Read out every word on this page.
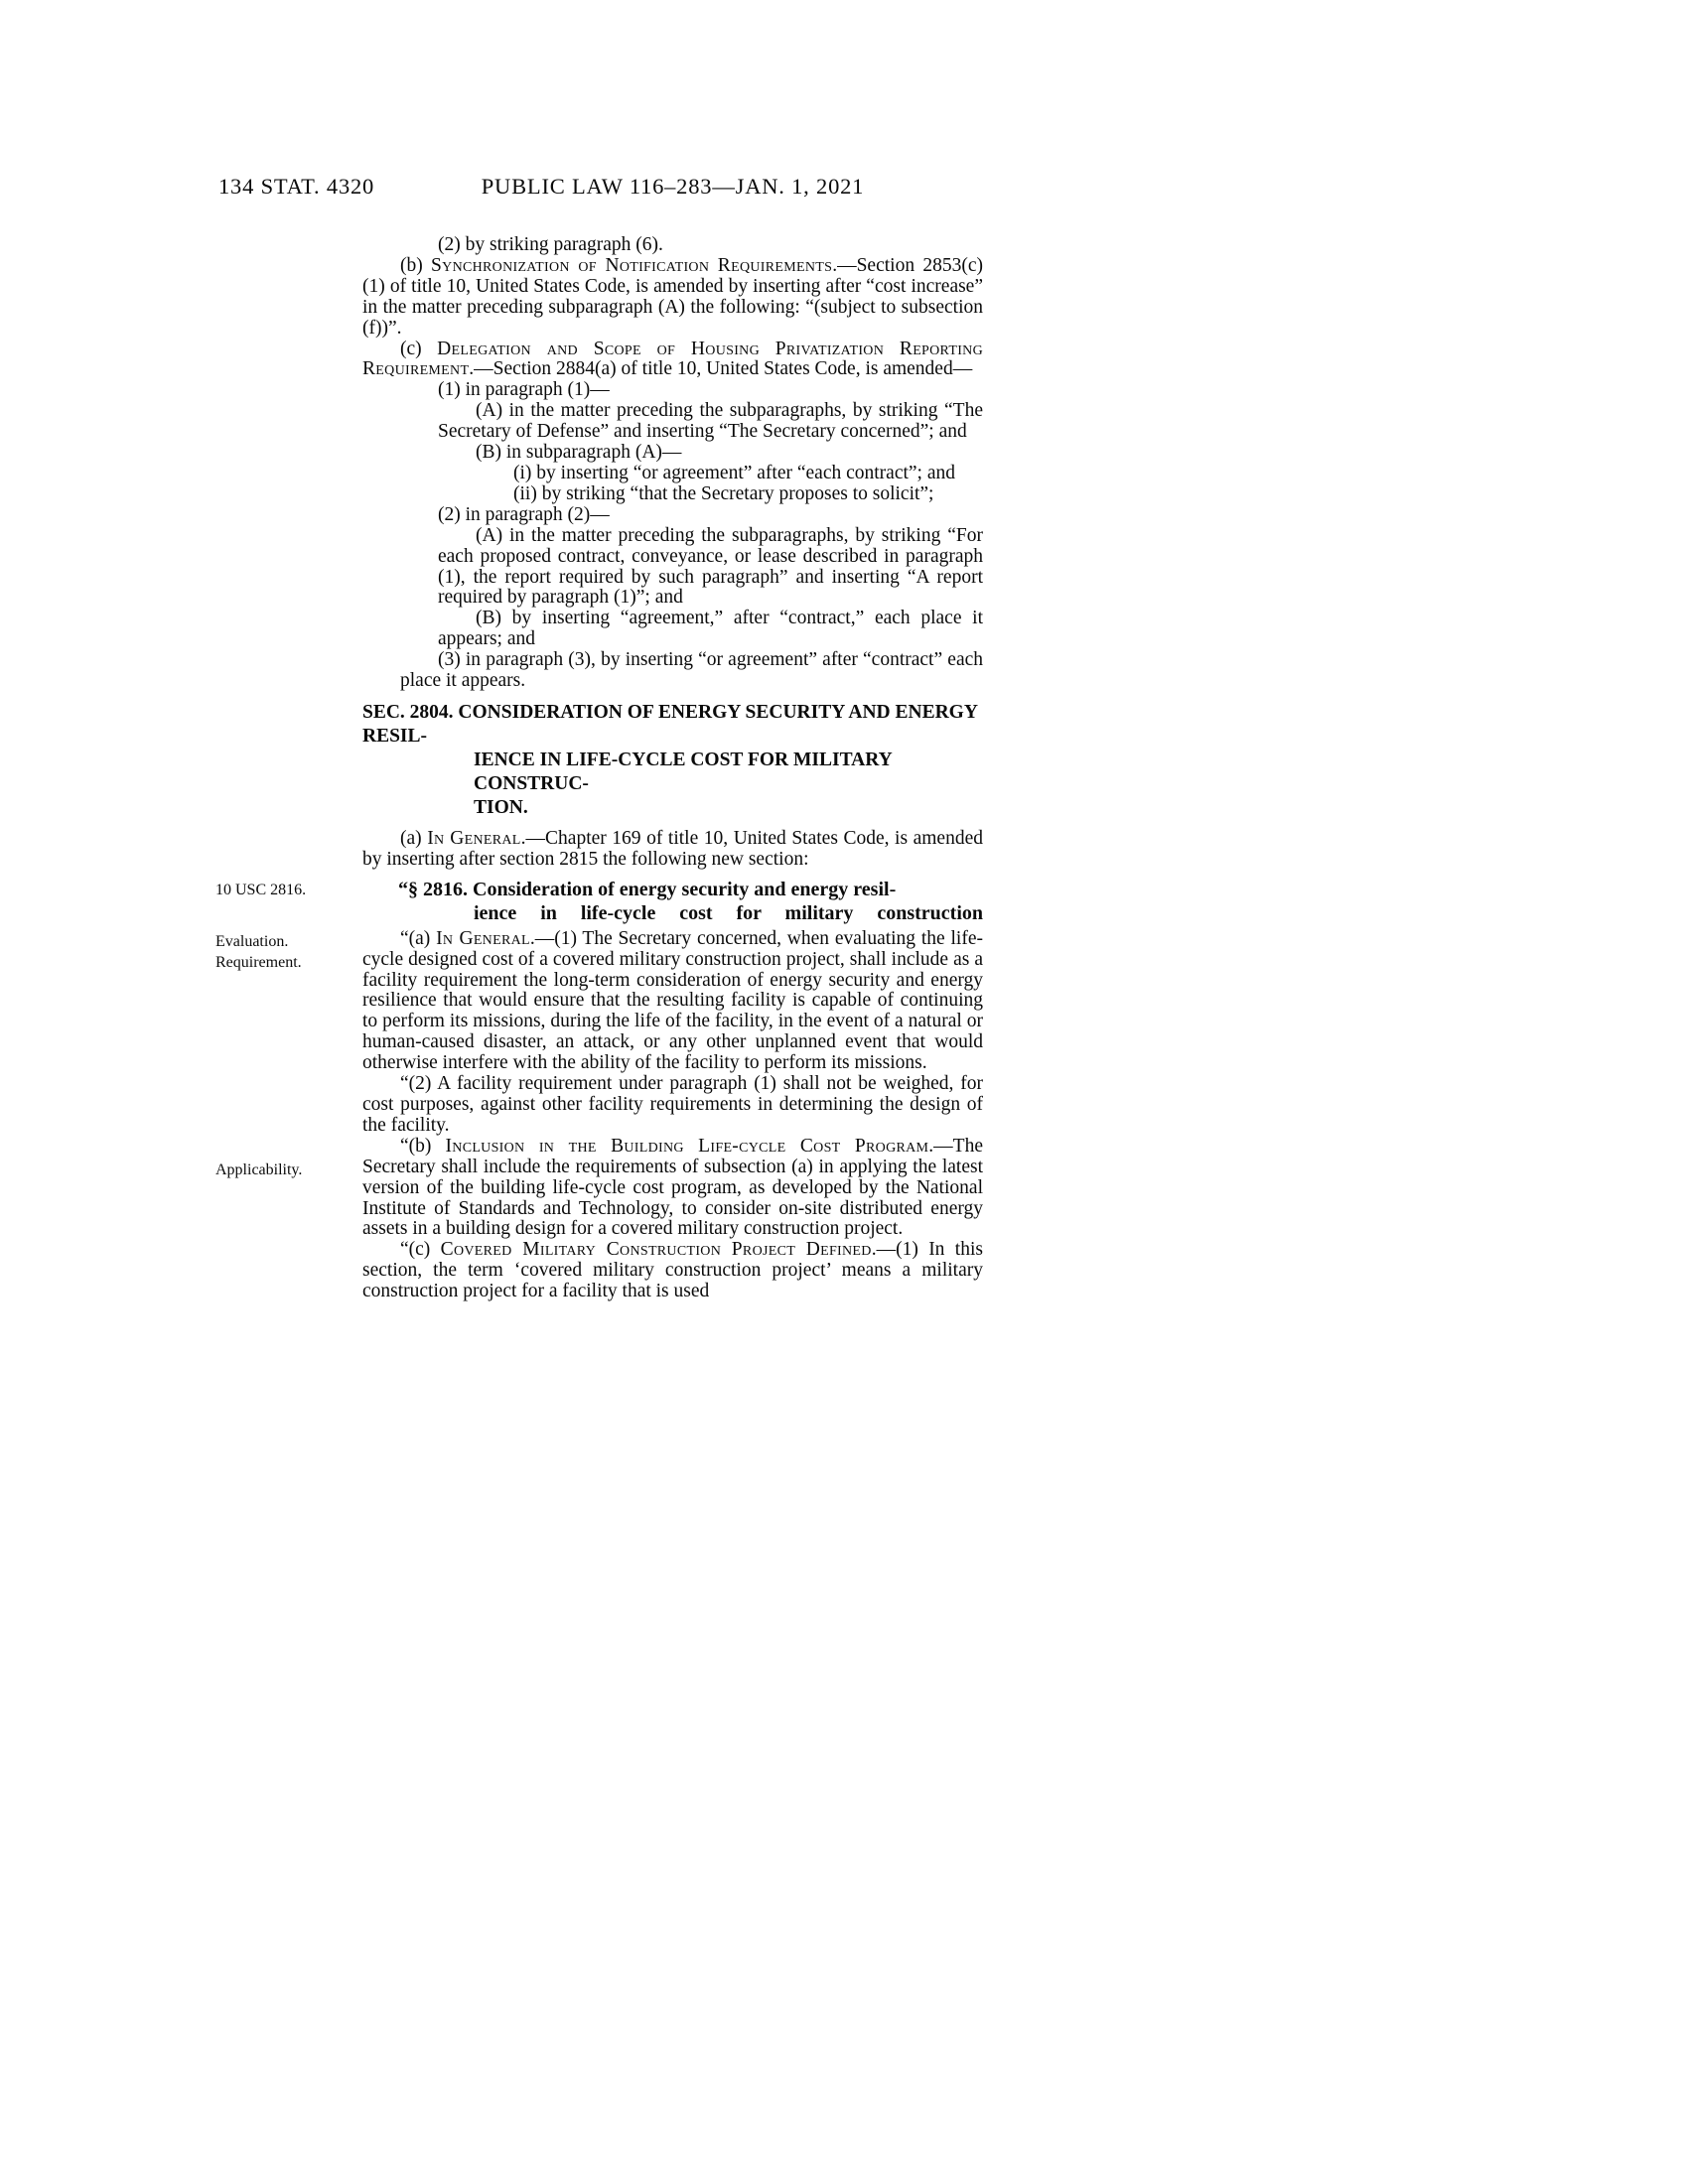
134 STAT. 4320	PUBLIC LAW 116–283—JAN. 1, 2021

(2) by striking paragraph (6).

(b) Synchronization of Notification Requirements.—Section 2853(c)(1) of title 10, United States Code, is amended by inserting after “cost increase” in the matter preceding subparagraph (A) the following: “(subject to subsection (f))”.

(c) Delegation and Scope of Housing Privatization Reporting Requirement.—Section 2884(a) of title 10, United States Code, is amended—

(1) in paragraph (1)—

(A) in the matter preceding the subparagraphs, by striking “The Secretary of Defense” and inserting “The Secretary concerned”; and

(B) in subparagraph (A)—

(i) by inserting “or agreement” after “each contract”; and

(ii) by striking “that the Secretary proposes to solicit”;

(2) in paragraph (2)—

(A) in the matter preceding the subparagraphs, by striking “For each proposed contract, conveyance, or lease described in paragraph (1), the report required by such paragraph” and inserting “A report required by paragraph (1)”; and

(B) by inserting “agreement,” after “contract,” each place it appears; and

(3) in paragraph (3), by inserting “or agreement” after “contract” each place it appears.

SEC. 2804. CONSIDERATION OF ENERGY SECURITY AND ENERGY RESIL-
IENCE IN LIFE-CYCLE COST FOR MILITARY CONSTRUC-
TION.

(a) In General.—Chapter 169 of title 10, United States Code, is amended by inserting after section 2815 the following new section:

10 USC 2816.	“§ 2816. Consideration of energy security and energy resil-
ience in life-cycle cost for military construction

Evaluation.
Requirement.
“(a) In General.—(1) The Secretary concerned, when evaluating the life-cycle designed cost of a covered military construction project, shall include as a facility requirement the long-term consideration of energy security and energy resilience that would ensure that the resulting facility is capable of continuing to perform its missions, during the life of the facility, in the event of a natural or human-caused disaster, an attack, or any other unplanned event that would otherwise interfere with the ability of the facility to perform its missions.

“(2) A facility requirement under paragraph (1) shall not be weighed, for cost purposes, against other facility requirements in determining the design of the facility.

Applicability.
“(b) Inclusion in the Building Life-cycle Cost Program.—The Secretary shall include the requirements of subsection (a) in applying the latest version of the building life-cycle cost program, as developed by the National Institute of Standards and Technology, to consider on-site distributed energy assets in a building design for a covered military construction project.

“(c) Covered Military Construction Project Defined.—(1) In this section, the term ‘covered military construction project’ means a military construction project for a facility that is used
